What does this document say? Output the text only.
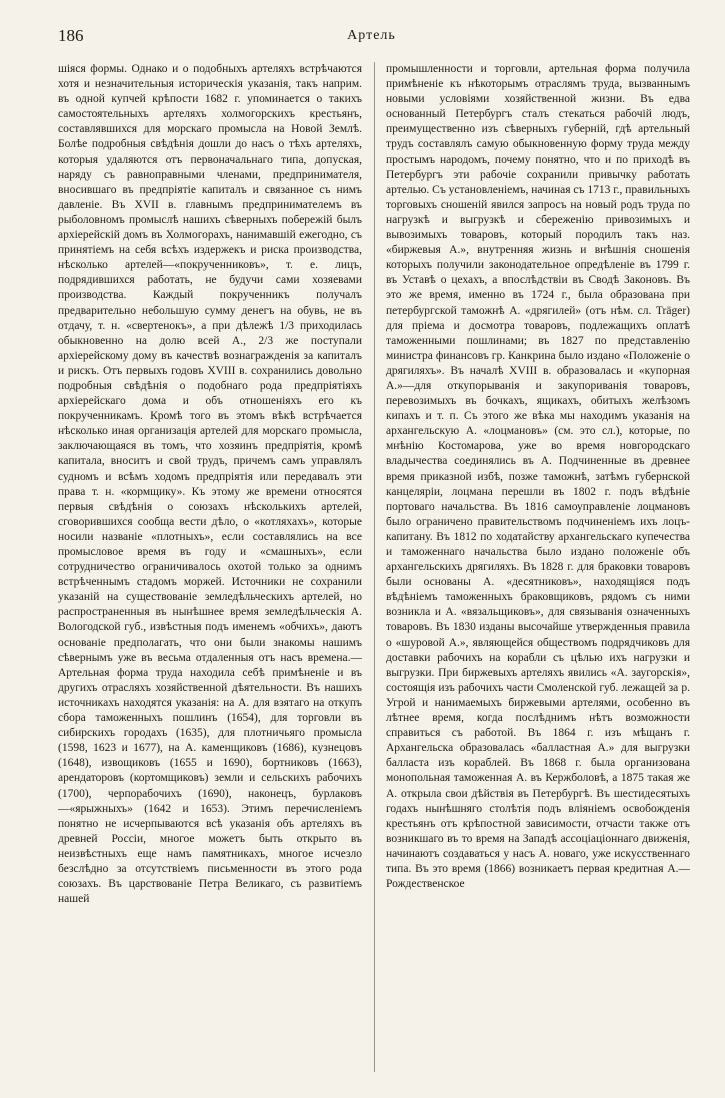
186	Артель

шіяся формы. Однако и о подобныхъ артеляхъ встрѣчаются хотя и незначительныя историческія указанія, такъ наприм. въ одной купчей крѣпости 1682 г. упоминается о такихъ самостоятельныхъ артеляхъ холмогорскихъ крестьянъ, составлявшихся для морскаго промысла на Новой Землѣ. Болѣе подробныя свѣдѣнія дошли до насъ о тѣхъ артеляхъ, которыя удаляются отъ первоначальнаго типа, допуская, наряду съ равноправными членами, предпринимателя, вносившаго въ предпріятіе капиталъ и связанное съ нимъ давленіе. Въ XVII в. главнымъ предпринимателемъ въ рыболовномъ промыслѣ нашихъ сѣверныхъ побережій былъ архіерейскій домъ въ Холмогорахъ, нанимавшій ежегодно, съ принятіемъ на себя всѣхъ издержекъ и риска производства, нѣсколько артелей—«покрученниковъ», т. е. лицъ, подрядившихся работать, не будучи сами хозяевами производства. Каждый покрученникъ получалъ предварительно небольшую сумму денегъ на обувь, не въ отдачу, т. н. «свертенокъ», а при дѣлежѣ 1/3 приходилась обыкновенно на долю всей А., 2/3 же поступали архіерейскому дому въ качествѣ вознагражденія за капиталъ и рискъ. Отъ первыхъ годовъ XVIII в. сохранились довольно подробныя свѣдѣнія о подобнаго рода предпріятіяхъ архіерейскаго дома и объ отношеніяхъ его къ покрученникамъ. Кромѣ того въ этомъ вѣкѣ встрѣчается нѣсколько иная организація артелей для морскаго промысла, заключающаяся въ томъ, что хозяинъ предпріятія, кромѣ капитала, вноситъ и свой трудъ, причемъ самъ управлялъ судномъ и всѣмъ ходомъ предпріятія или передавалъ эти права т. н. «кормщику». Къ этому же времени относятся первыя свѣдѣнія о союзахъ нѣсколькихъ артелей, сговорившихся сообща вести дѣло, о «котляхахъ», которые носили названіе «плотныхъ», если составлялись на все промысловое время въ году и «смашныхъ», если сотрудничество ограничивалось охотой только за однимъ встрѣченнымъ стадомъ моржей. Источники не сохранили указаній на существованіе земледѣльческихъ артелей, но распространенныя въ нынѣшнее время земледѣльческія А. Вологодской губ., извѣстныя подъ именемъ «обчихъ», даютъ основаніе предполагать, что они были знакомы нашимъ сѣвернымъ уже въ весьма отдаленныя отъ насъ времена.—Артельная форма труда находила себѣ примѣненіе и въ другихъ отрасляхъ хозяйственной дѣятельности. Въ нашихъ источникахъ находятся указанія: на А. для взятаго на откупъ сбора таможенныхъ пошлинъ (1654), для торговли въ сибирскихъ городахъ (1635), для плотничьяго промысла (1598, 1623 и 1677), на А. каменщиковъ (1686), кузнецовъ (1648), извощиковъ (1655 и 1690), бортниковъ (1663), арендаторовъ (кортомщиковъ) земли и сельскихъ рабочихъ (1700), черпорабочихъ (1690), наконецъ, бурлаковъ—«ярыжныхъ» (1642 и 1653). Этимъ перечисленіемъ понятно не исчерпываются всѣ указанія объ артеляхъ въ древней Россіи, многое можетъ быть открыто въ неизвѣстныхъ еще намъ памятникахъ, многое исчезло безслѣдно за отсутствіемъ письменности въ этого рода союзахъ. Въ царствованіе Петра Великаго, съ развитіемъ нашей

промышленности и торговли, артельная форма получила примѣненіе къ нѣкоторымъ отраслямъ труда, вызваннымъ новыми условіями хозяйственной жизни. Въ едва основанный Петербургъ сталъ стекаться рабочій людъ, преимущественно изъ сѣверныхъ губерній, гдѣ артельный трудъ составлялъ самую обыкновенную форму труда между простымъ народомъ, почему понятно, что и по приходѣ въ Петербургъ эти рабочіе сохранили привычку работать артелью. Съ установленіемъ, начиная съ 1713 г., правильныхъ торговыхъ сношеній явился запросъ на новый родъ труда по нагрузкѣ и выгрузкѣ и сбереженію привозимыхъ и вывозимыхъ товаровъ, который породилъ такъ наз. «биржевыя А.», внутренняя жизнь и внѣшнія сношенія которыхъ получили законодательное опредѣленіе въ 1799 г. въ Уставѣ о цехахъ, а впослѣдствіи въ Сводѣ Законовъ. Въ это же время, именно въ 1724 г., была образована при петербургской таможнѣ А. «дрягилей» (отъ нѣм. сл. Träger) для пріема и досмотра товаровъ, подлежащихъ оплатѣ таможенными пошлинами; въ 1827 по представленію министра финансовъ гр. Канкрина было издано «Положеніе о дрягиляхъ». Въ началѣ XVIII в. образовалась и «купорная А.»—для откупорыванія и закупориванія товаровъ, перевозимыхъ въ бочкахъ, ящикахъ, обитыхъ желѣзомъ кипахъ и т. п. Съ этого же вѣка мы находимъ указанія на архангельскую А. «лоцмановъ» (см. это сл.), которые, по мнѣнію Костомарова, уже во время новгородскаго владычества соединялись въ А. Подчиненные въ древнее время приказной избѣ, позже таможнѣ, затѣмъ губернской канцеляріи, лоцмана перешли въ 1802 г. подъ вѣдѣніе портоваго начальства. Въ 1816 самоуправленіе лоцмановъ было ограничено правительствомъ подчиненіемъ ихъ лоцъ-капитану. Въ 1812 по ходатайству архангельскаго купечества и таможеннаго начальства было издано положеніе объ архангельскихъ дрягиляхъ. Въ 1828 г. для браковки товаровъ были основаны А. «десятниковъ», находящіяся подъ вѣдѣніемъ таможенныхъ браковщиковъ, рядомъ съ ними возникла и А. «вязальщиковъ», для связыванія означенныхъ товаровъ. Въ 1830 изданы высочайше утвержденныя правила о «шуровой А.», являющейся обществомъ подрядчиковъ для доставки рабочихъ на корабли съ цѣлью ихъ нагрузки и выгрузки. При биржевыхъ артеляхъ явились «А. заугорскія», состоящія изъ рабочихъ части Смоленской губ. лежащей за р. Угрой и нанимаемыхъ биржевыми артелями, особенно въ лѣтнее время, когда послѣднимъ нѣтъ возможности справиться съ работой. Въ 1864 г. изъ мѣщанъ г. Архангельска образовалась «балластная А.» для выгрузки балласта изъ кораблей. Въ 1868 г. была организована монопольная таможенная А. въ Кержболовѣ, а 1875 такая же А. открыла свои дѣйствія въ Петербургѣ. Въ шестидесятыхъ годахъ нынѣшняго столѣтія подъ вліяніемъ освобожденія крестьянъ отъ крѣпостной зависимости, отчасти также отъ возникшаго въ то время на Западѣ ассоціаціоннаго движенія, начинаютъ создаваться у насъ А. новаго, уже искусственнаго типа. Въ это время (1866) возникаетъ первая кредитная А.—Рождественское
